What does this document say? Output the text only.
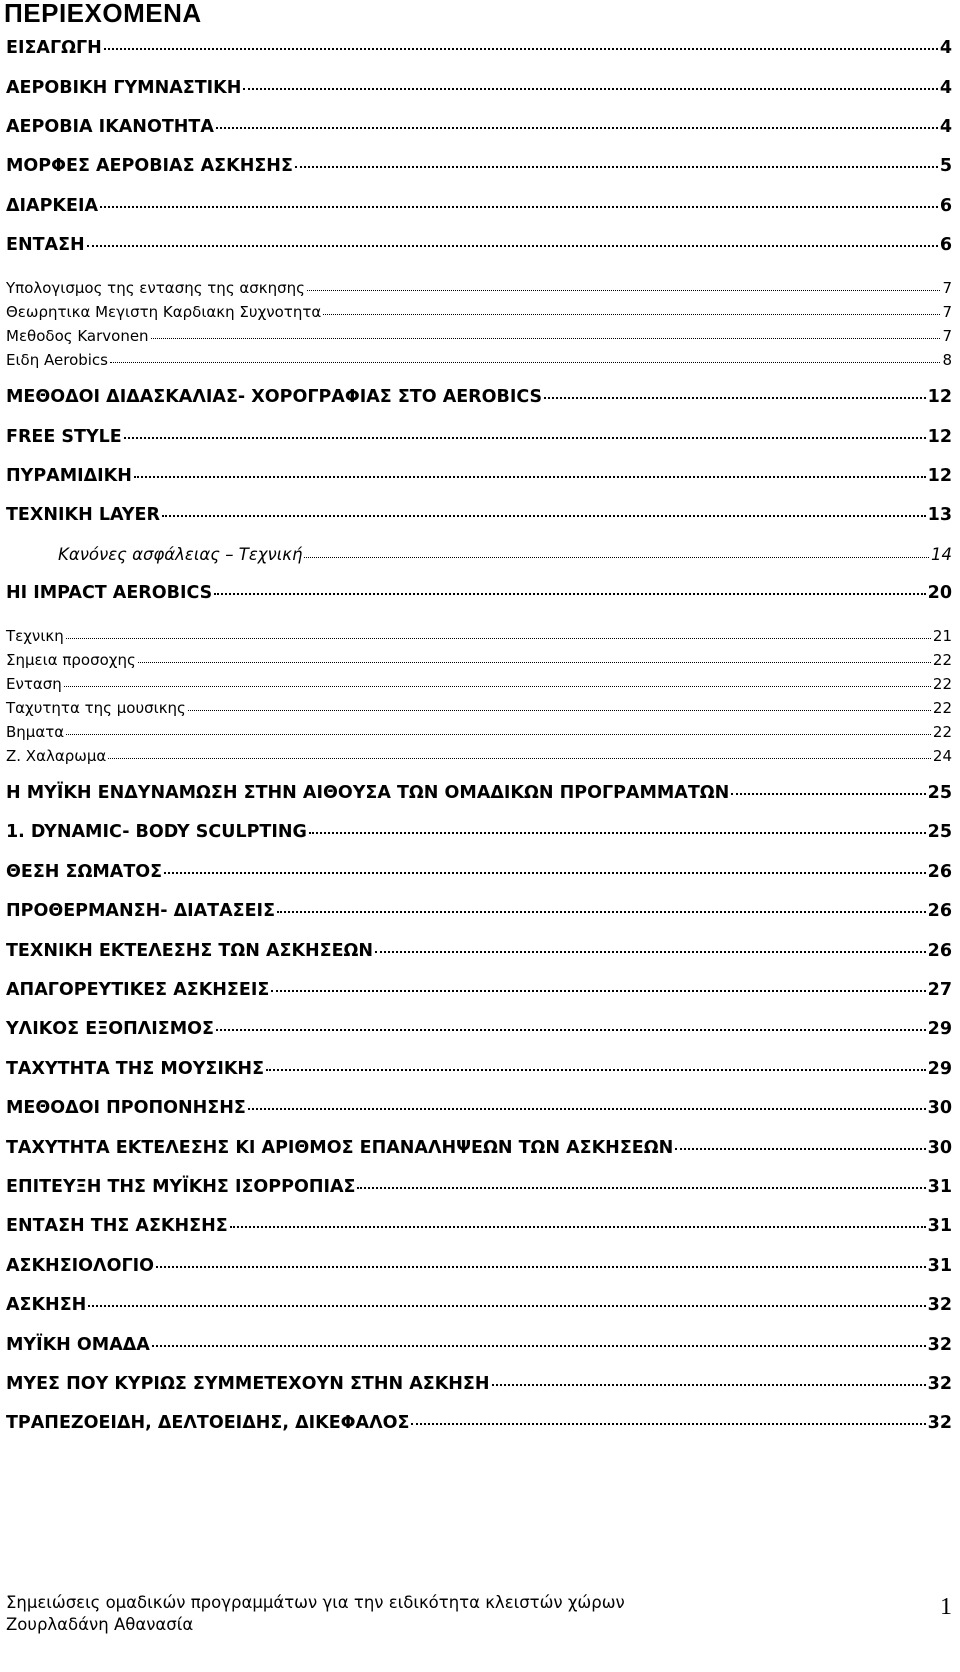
ΠΕΡΙΕΧΟΜΕΝΑ
ΕΙΣΑΓΩΓΗ	4
ΑΕΡΟΒΙΚΗ ΓΥΜΝΑΣΤΙΚΗ	4
ΑΕΡΟΒΙΑ ΙΚΑΝΟΤΗΤΑ	4
ΜΟΡΦΕΣ ΑΕΡΟΒΙΑΣ ΑΣΚΗΣΗΣ	5
ΔΙΑΡΚΕΙΑ	6
ΕΝΤΑΣΗ	6
Υπολογισμος της εντασης της ασκησης	7
Θεωρητικα Μεγιστη Καρδιακη Συχνοτητα	7
Μεθοδος Karvonen	7
Ειδη Aerobics	8
ΜΕΘΟΔΟΙ ΔΙΔΑΣΚΑΛΙΑΣ- ΧΟΡΟΓΡΑΦΙΑΣ ΣΤΟ AEROBICS	12
FREE STYLE	12
ΠΥΡΑΜΙΔΙΚΗ	12
ΤΕΧΝΙΚΗ LAYER	13
Κανόνες ασφάλειας – Τεχνική	14
HI IMPACT AEROBICS	20
Τεχνικη	21
Σημεια προσοχης	22
Ενταση	22
Ταχυτητα της μουσικης	22
Βηματα	22
Ζ. Χαλαρωμα	24
Η ΜΥΪΚΗ ΕΝΔΥΝΑΜΩΣΗ ΣΤΗΝ ΑΙΘΟΥΣΑ ΤΩΝ ΟΜΑΔΙΚΩΝ ΠΡΟΓΡΑΜΜΑΤΩΝ	25
1. DYNAMIC- BODY SCULPTING	25
ΘΕΣΗ ΣΩΜΑΤΟΣ	26
ΠΡΟΘΕΡΜΑΝΣΗ- ΔΙΑΤΑΣΕΙΣ	26
ΤΕΧΝΙΚΗ ΕΚΤΕΛΕΣΗΣ ΤΩΝ ΑΣΚΗΣΕΩΝ	26
ΑΠΑΓΟΡΕΥΤΙΚΕΣ ΑΣΚΗΣΕΙΣ	27
ΥΛΙΚΟΣ ΕΞΟΠΛΙΣΜΟΣ	29
ΤΑΧΥΤΗΤΑ ΤΗΣ ΜΟΥΣΙΚΗΣ	29
ΜΕΘΟΔΟΙ ΠΡΟΠΟΝΗΣΗΣ	30
ΤΑΧΥΤΗΤΑ ΕΚΤΕΛΕΣΗΣ ΚΙ ΑΡΙΘΜΟΣ ΕΠΑΝΑΛΗΨΕΩΝ ΤΩΝ ΑΣΚΗΣΕΩΝ	30
ΕΠΙΤΕΥΞΗ ΤΗΣ ΜΥΪΚΗΣ ΙΣΟΡΡΟΠΙΑΣ	31
ΕΝΤΑΣΗ ΤΗΣ ΑΣΚΗΣΗΣ	31
ΑΣΚΗΣΙΟΛΟΓΙΟ	31
ΑΣΚΗΣΗ	32
ΜΥΪΚΗ ΟΜΑΔΑ	32
ΜΥΕΣ ΠΟΥ ΚΥΡΙΩΣ ΣΥΜΜΕΤΕΧΟΥΝ ΣΤΗΝ ΑΣΚΗΣΗ	32
ΤΡΑΠΕΖΟΕΙΔΗ, ΔΕΛΤΟΕΙΔΗΣ, ΔΙΚΕΦΑΛΟΣ	32
Σημειώσεις ομαδικών προγραμμάτων για την ειδικότητα κλειστών χώρων
Ζουρλαδάνη Αθανασία
1
